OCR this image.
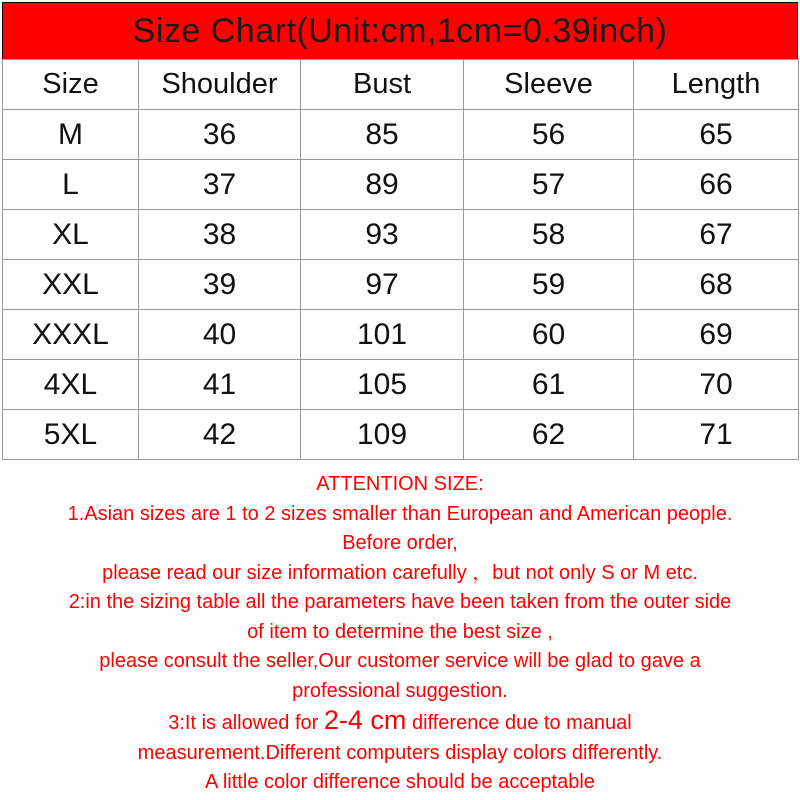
Size Chart(Unit:cm,1cm=0.39inch)
Size	Shoulder	Bust	Sleeve	Length
M	36	85	56	65
L	37	89	57	66
XL	38	93	58	67
XXL	39	97	59	68
XXXL	40	101	60	69
4XL	41	105	61	70
5XL	42	109	62	71
ATTENTION SIZE:
1.Asian sizes are 1 to 2 sizes smaller than European and American people.
Before order,
please read our size information carefully ，but not only S or M etc.
2:in the sizing table all the parameters have been taken from the outer side
of item to determine the best size ,
please consult the seller,Our customer service will be glad to gave a
professional suggestion.
3:It is allowed for 2-4 cm difference due to manual
measurement.Different computers display colors differently.
A little color difference should be acceptable
